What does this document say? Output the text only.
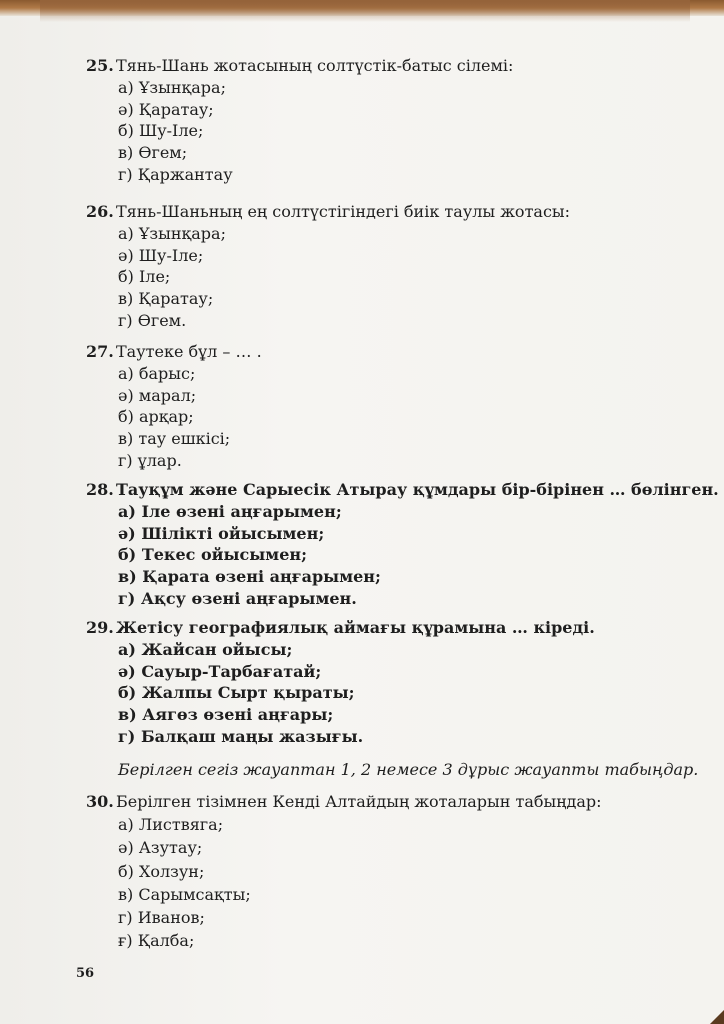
25. Тянь-Шань жотасының солтүстік-батыс сілемі:
а) Ұзынқара;
ә) Қаратау;
б) Шу-Іле;
в) Өгем;
г) Қаржантау
26. Тянь-Шаньның ең солтүстігіндегі биік таулы жотасы:
а) Ұзынқара;
ә) Шу-Іле;
б) Іле;
в) Қаратау;
г) Өгем.
27. Таутеке бұл – … .
а) барыс;
ә) марал;
б) арқар;
в) тау ешкісі;
г) ұлар.
28. Тауқұм және Сарыесік Атырау құмдары бір-бірінен … бөлінген.
а) Іле өзені аңғарымен;
ә) Шілікті ойысымен;
б) Текес ойысымен;
в) Қарата өзені аңғарымен;
г) Ақсу өзені аңғарымен.
29. Жетісу географиялық аймағы құрамына … кіреді.
а) Жайсан ойысы;
ә) Сауыр-Тарбағатай;
б) Жалпы Сырт қыраты;
в) Аягөз өзені аңғары;
г) Балқаш маңы жазығы.
Берілген сегіз жауаптан 1, 2 немесе 3 дұрыс жауапты табыңдар.
30. Берілген тізімнен Кенді Алтайдың жоталарын табыңдар:
а) Листвяга;
ә) Азутау;
б) Холзун;
в) Сарымсақты;
г) Иванов;
ғ) Қалба;
56
